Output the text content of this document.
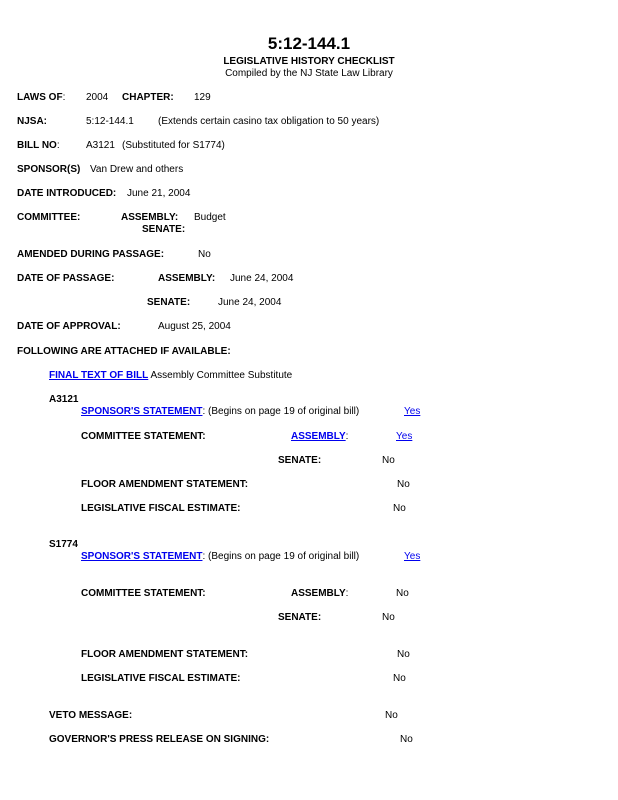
5:12-144.1
LEGISLATIVE HISTORY CHECKLIST
Compiled by the NJ State Law Library
LAWS OF: 2004 CHAPTER: 129
NJSA:	5:12-144.1 (Extends certain casino tax obligation to 50 years)
BILL NO:	A3121 (Substituted for S1774)
SPONSOR(S) Van Drew and others
DATE INTRODUCED: June 21, 2004
COMMITTEE:	ASSEMBLY: Budget
SENATE:
AMENDED DURING PASSAGE:	No
DATE OF PASSAGE:	ASSEMBLY: June 24, 2004
SENATE:	June 24, 2004
DATE OF APPROVAL:	August 25, 2004
FOLLOWING ARE ATTACHED IF AVAILABLE:
FINAL TEXT OF BILL Assembly Committee Substitute
A3121
SPONSOR'S STATEMENT: (Begins on page 19 of original bill)	Yes
COMMITTEE STATEMENT:	ASSEMBLY:	Yes
SENATE:	No
FLOOR AMENDMENT STATEMENT:	No
LEGISLATIVE FISCAL ESTIMATE:	No
S1774
SPONSOR'S STATEMENT: (Begins on page 19 of original bill)	Yes
COMMITTEE STATEMENT:	ASSEMBLY:	No
SENATE:	No
FLOOR AMENDMENT STATEMENT:	No
LEGISLATIVE FISCAL ESTIMATE:	No
VETO MESSAGE:	No
GOVERNOR'S PRESS RELEASE ON SIGNING:	No
